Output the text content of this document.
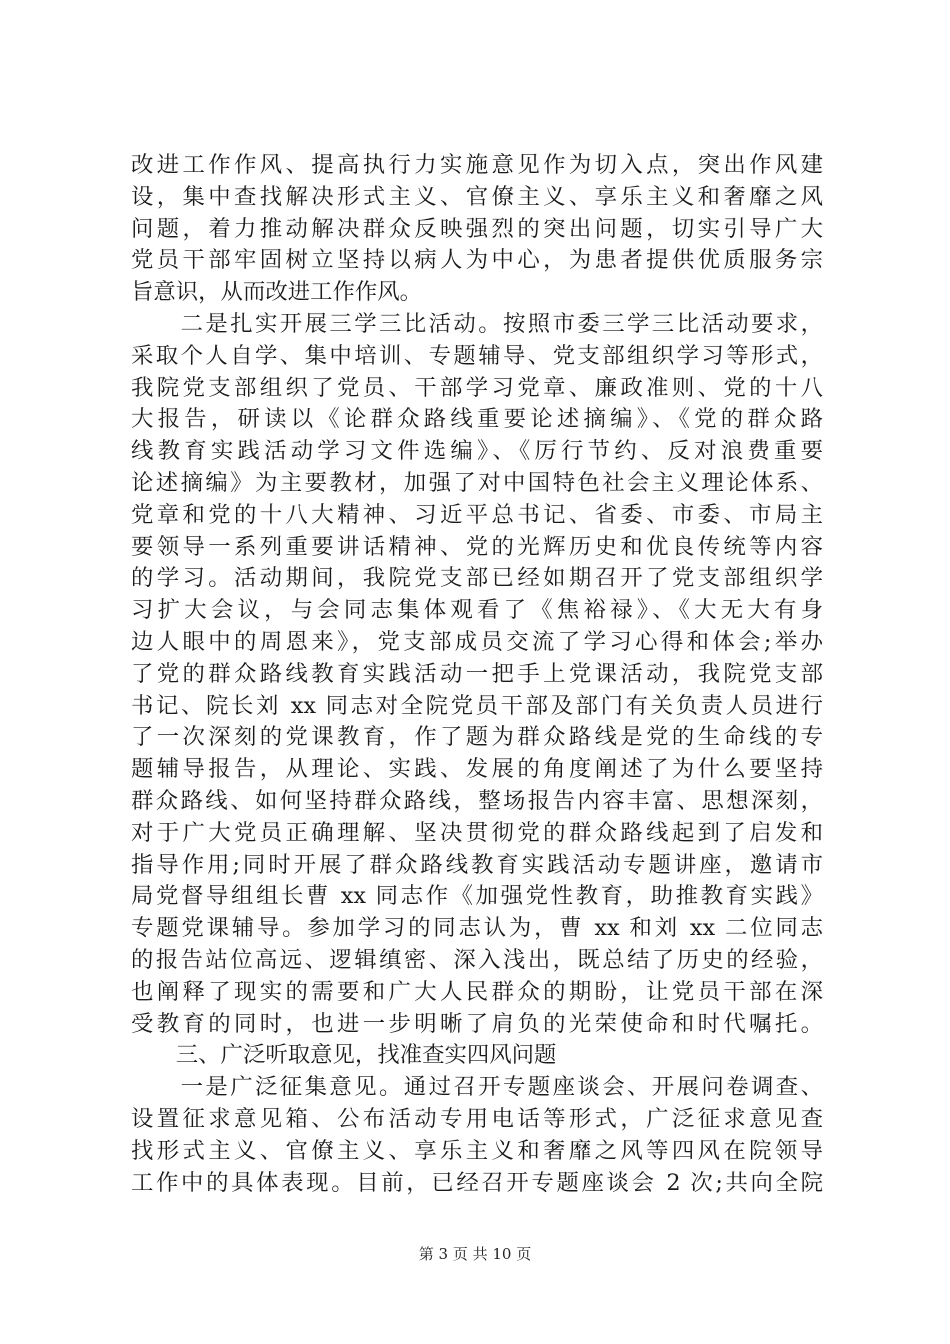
改进工作作风、提高执行力实施意见作为切入点，突出作风建
设，集中查找解决形式主义、官僚主义、享乐主义和奢靡之风
问题，着力推动解决群众反映强烈的突出问题，切实引导广大
党员干部牢固树立坚持以病人为中心，为患者提供优质服务宗
旨意识，从而改进工作作风。
　　二是扎实开展三学三比活动。按照市委三学三比活动要求，
采取个人自学、集中培训、专题辅导、党支部组织学习等形式，
我院党支部组织了党员、干部学习党章、廉政准则、党的十八
大报告，研读以《论群众路线重要论述摘编》、《党的群众路
线教育实践活动学习文件选编》、《厉行节约、反对浪费重要
论述摘编》为主要教材，加强了对中国特色社会主义理论体系、
党章和党的十八大精神、习近平总书记、省委、市委、市局主
要领导一系列重要讲话精神、党的光辉历史和优良传统等内容
的学习。活动期间，我院党支部已经如期召开了党支部组织学
习扩大会议，与会同志集体观看了《焦裕禄》、《大无大有身
边人眼中的周恩来》，党支部成员交流了学习心得和体会;举办
了党的群众路线教育实践活动一把手上党课活动，我院党支部
书记、院长刘 xx 同志对全院党员干部及部门有关负责人员进行
了一次深刻的党课教育，作了题为群众路线是党的生命线的专
题辅导报告，从理论、实践、发展的角度阐述了为什么要坚持
群众路线、如何坚持群众路线，整场报告内容丰富、思想深刻，
对于广大党员正确理解、坚决贯彻党的群众路线起到了启发和
指导作用;同时开展了群众路线教育实践活动专题讲座，邀请市
局党督导组组长曹 xx 同志作《加强党性教育，助推教育实践》
专题党课辅导。参加学习的同志认为，曹 xx 和刘 xx 二位同志
的报告站位高远、逻辑缜密、深入浅出，既总结了历史的经验，
也阐释了现实的需要和广大人民群众的期盼，让党员干部在深
受教育的同时，也进一步明晰了肩负的光荣使命和时代嘱托。
　　三、广泛听取意见，找准查实四风问题
　　一是广泛征集意见。通过召开专题座谈会、开展问卷调查、
设置征求意见箱、公布活动专用电话等形式，广泛征求意见查
找形式主义、官僚主义、享乐主义和奢靡之风等四风在院领导
工作中的具体表现。目前，已经召开专题座谈会 2 次;共向全院
第 3 页 共 10 页
